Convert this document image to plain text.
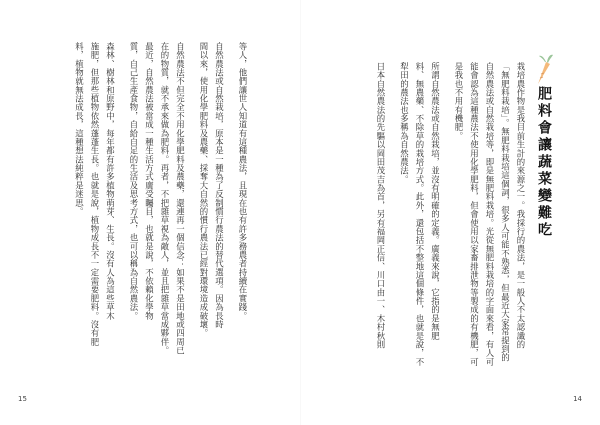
等人，他們讓世人知道有這種農法，且現在也有許多務農者持續在實踐。
自然農法或自然栽培，原本是一種為了反制慣行農法的替代選項。因為長時
間以來，使用化學肥料及農藥、採奪大自然的慣行農法已經對環境造成破壞。
自然農法不但完全不用化學肥料及農藥，還連再一個信念：如果不是田地或四周已
在的物質，就不承來做為肥料。再者，不把雜草視為敵人，並且把雜草當成夥伴。
最近，自然農法被當成一種生活方式廣受矚目，也就是說，不依賴化學物
質，自己生產食物，自給自足的生活及思考方式，也可以稱為自然農法。
森林、樹林和原野中，每年都有許多植物萌芽、生長。沒有人為這些草木
施肥，但那些植物依然蓬蓬生長。也就是說，植物成長不一定需要肥料。沒有肥
料，植物就無法成長，這種想法純粹是迷思。
15
肥料會讓蔬菜變難吃
栽培農作物是我目前生計的來源之一。我採行的農法，是一般人不太認識的
「無肥料栽培」。無肥料栽培這個詞，很多人可能不熟悉，但最近大家常提到的
自然農法或自然栽培等，即是無肥料栽培。光從無肥料栽培的字面來看，有人可
能會認為這種農法不使用化學肥料，但會使用以家畜排泄物等製成的有機肥，可
是我也不用有機肥。
所謂自然農法或自然栽培，並沒有明確的定義。廣義來說，它指的是無肥
料、無農藥、不除草的栽培方式。此外，還包括不整地這個條件，也就是說，不
犁田的農法也多稱為自然農法。
日本自然農法的先驅以岡田茂吉為首，另有福岡正信、川口由一、木村秋則
14
